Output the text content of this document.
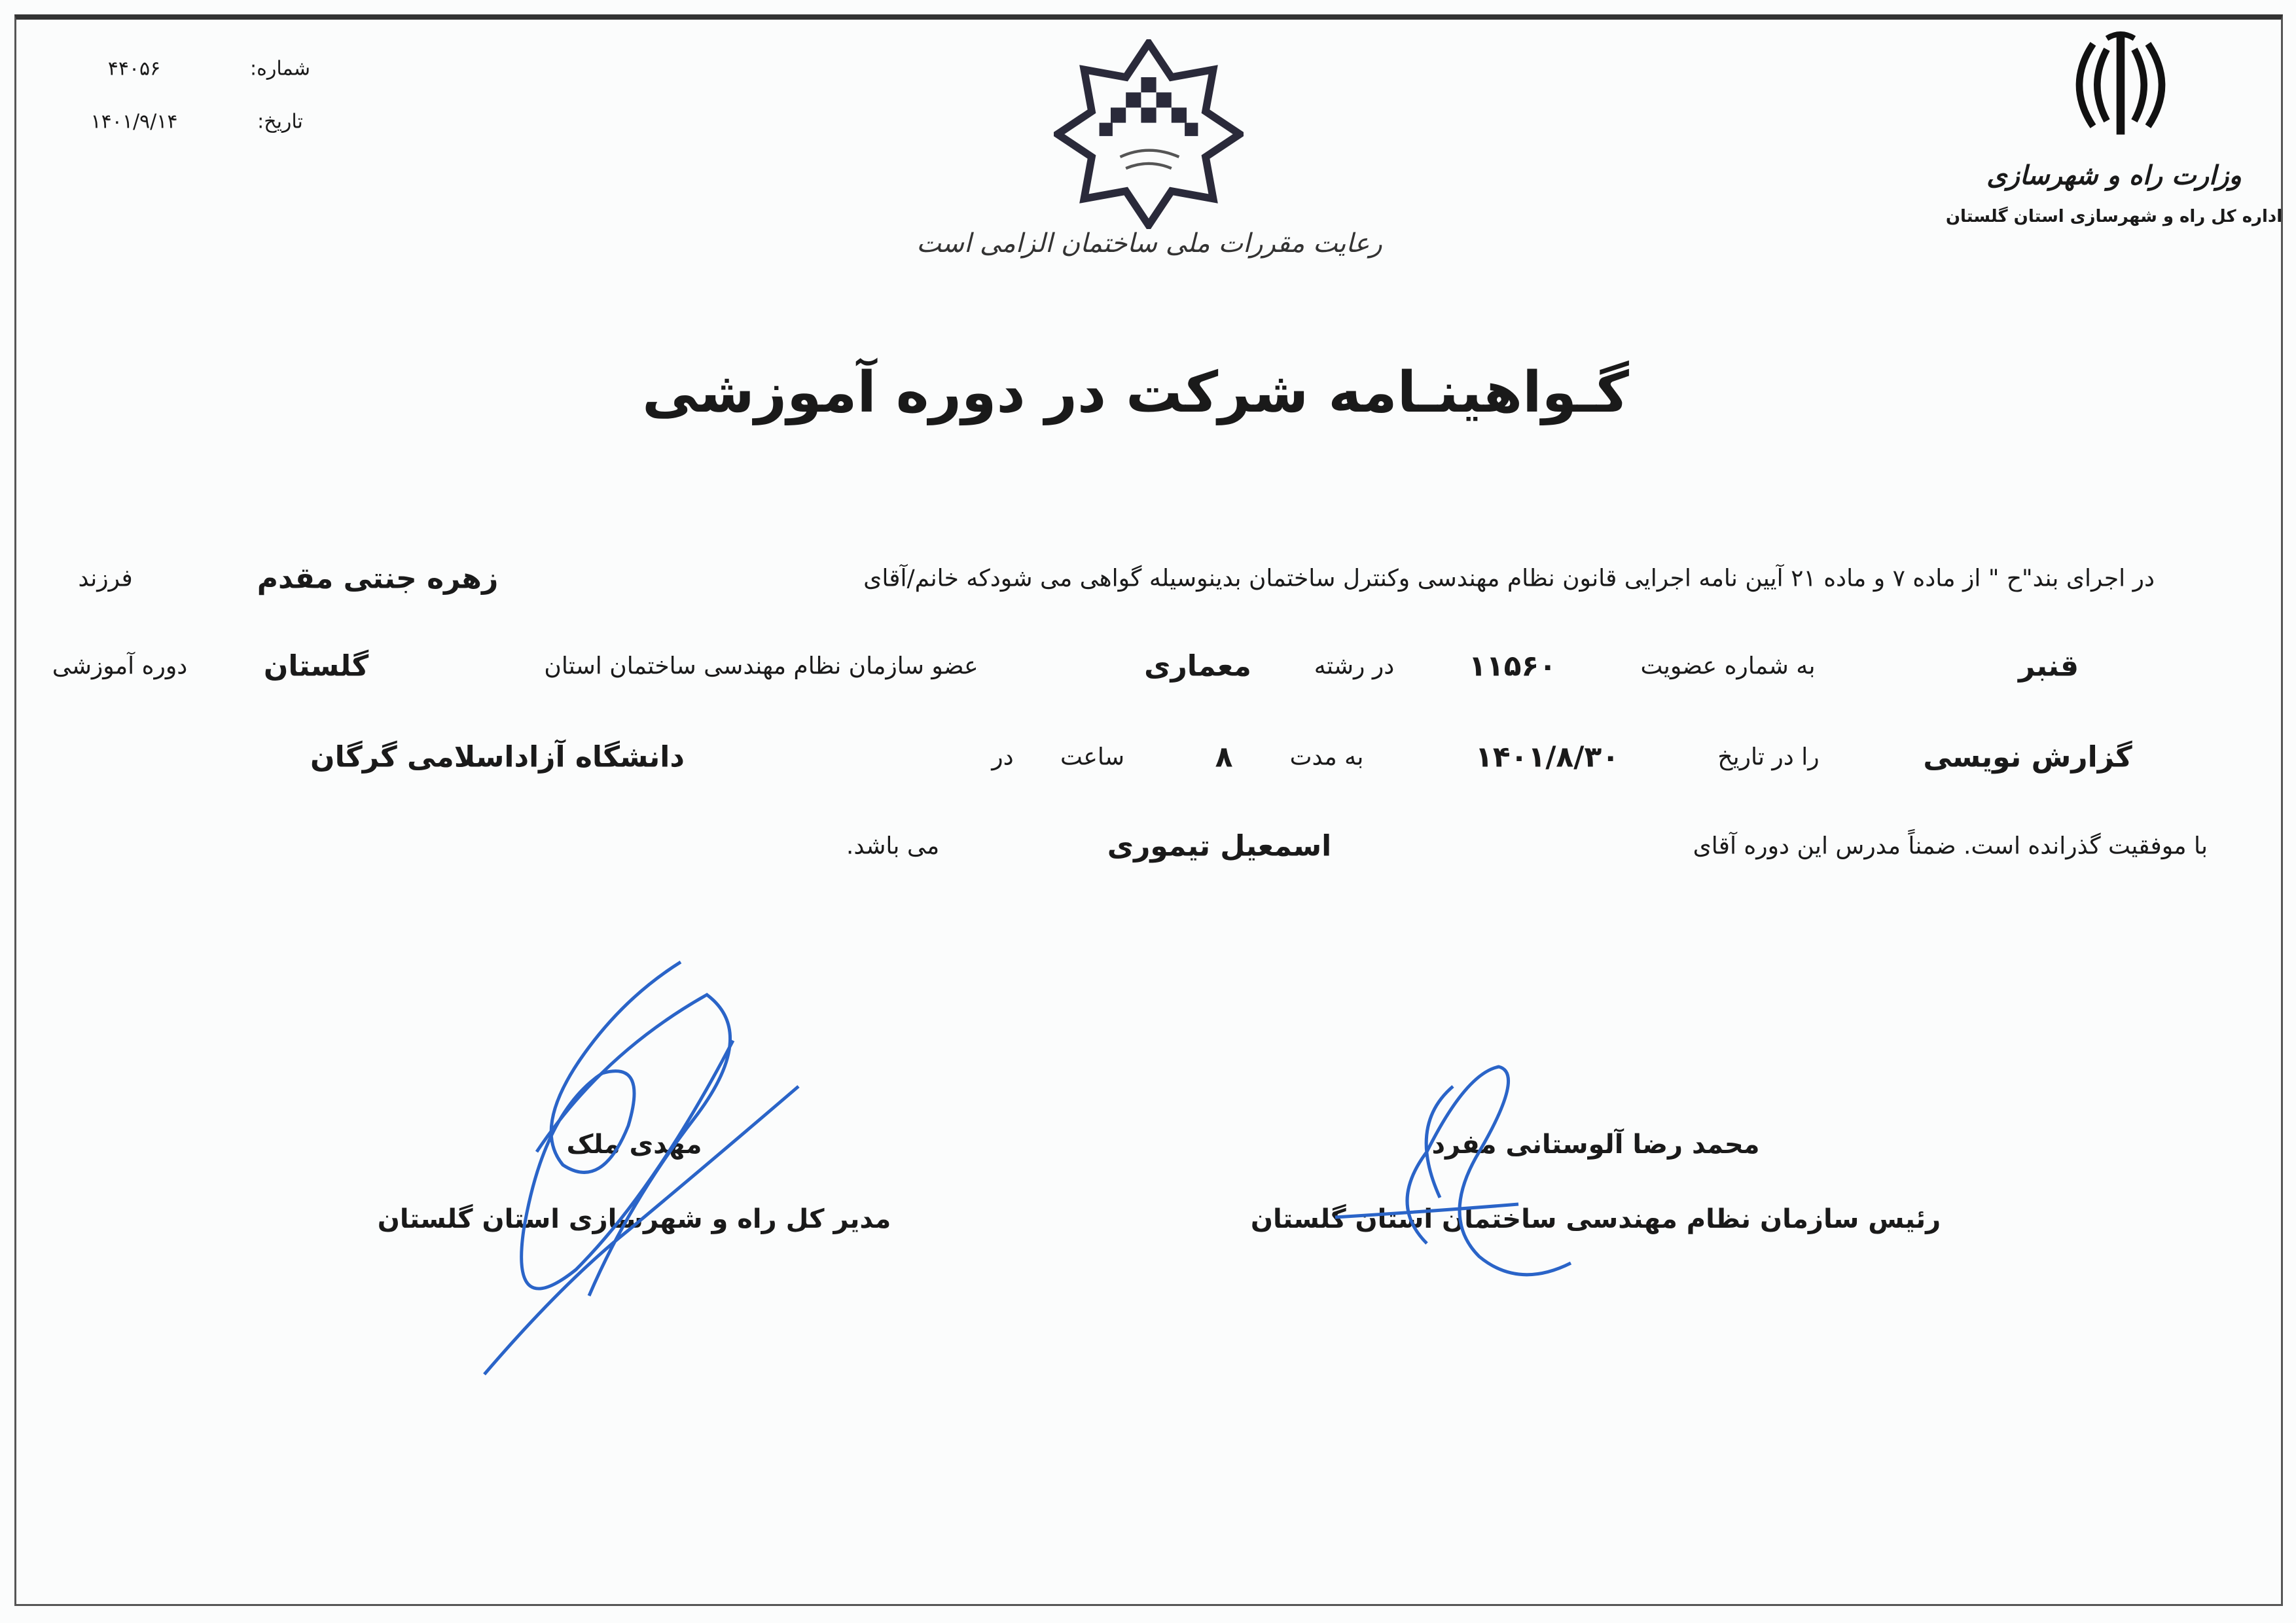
شماره:
۴۴۰۵۶
تاریخ:
۱۴۰۱/۹/۱۴
رعایت مقررات ملی ساختمان الزامی است
وزارت راه و شهرسازی
اداره کل راه و شهرسازی استان گلستان
گـواهینـامه شرکت در دوره آموزشی
در اجرای بند"ح " از ماده ۷ و ماده ۲۱ آیین نامه اجرایی قانون نظام مهندسی وکنترل ساختمان بدینوسیله گواهی می شودکه خانم/آقای
زهره جنتی مقدم
فرزند
قنبر
به شماره عضویت
۱۱۵۶۰
در رشته
معماری
عضو سازمان نظام مهندسی ساختمان استان
گلستان
دوره آموزشی
گزارش نویسی
را در تاریخ
۱۴۰۱/۸/۳۰
به مدت
۸
ساعت
در
دانشگاه آزاداسلامی گرگان
با موفقیت گذرانده است. ضمناً مدرس این دوره آقای
اسمعیل تیموری
می باشد.
محمد رضا آلوستانی مفرد
رئیس سازمان نظام مهندسی ساختمان استان گلستان
مهدی ملک
مدیر کل راه و شهرسازی استان گلستان
